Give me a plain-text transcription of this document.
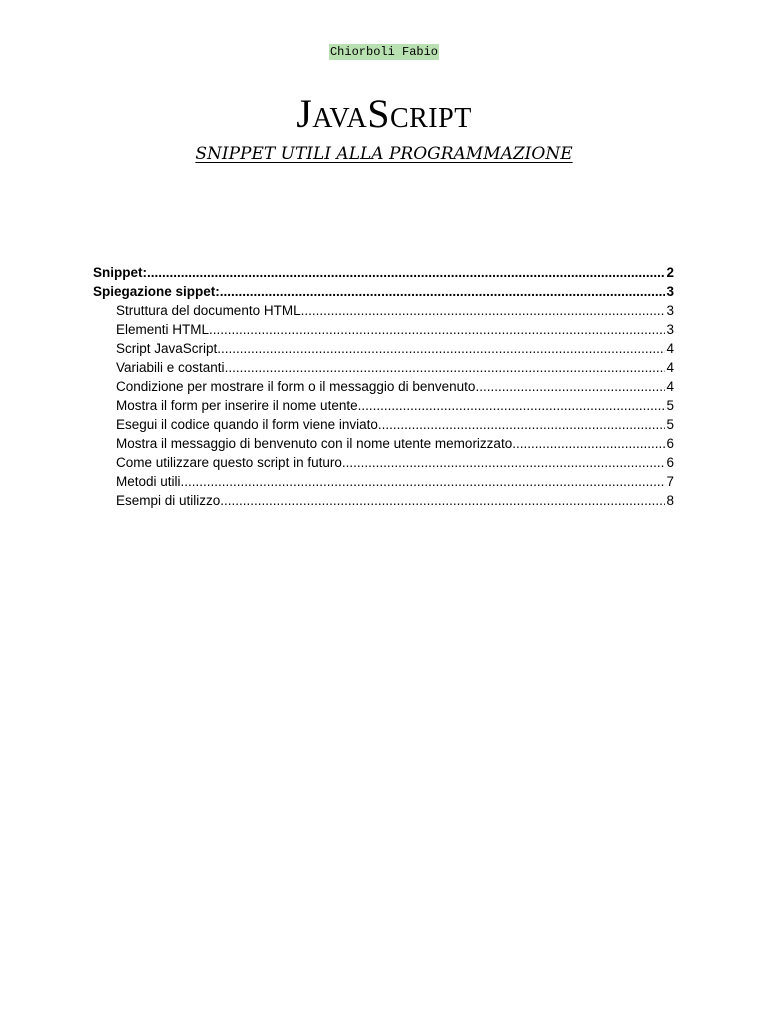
Chiorboli Fabio
JavaScript
SNIPPET UTILI ALLA PROGRAMMAZIONE
Snippet: .....	2
Spiegazione sippet: .....	3
Struttura del documento HTML .....	3
Elementi HTML .....	3
Script JavaScript .....	4
Variabili e costanti .....	4
Condizione per mostrare il form o il messaggio di benvenuto .....	4
Mostra il form per inserire il nome utente .....	5
Esegui il codice quando il form viene inviato .....	5
Mostra il messaggio di benvenuto con il nome utente memorizzato .....	6
Come utilizzare questo script in futuro .....	6
Metodi utili .....	7
Esempi di utilizzo .....	8
